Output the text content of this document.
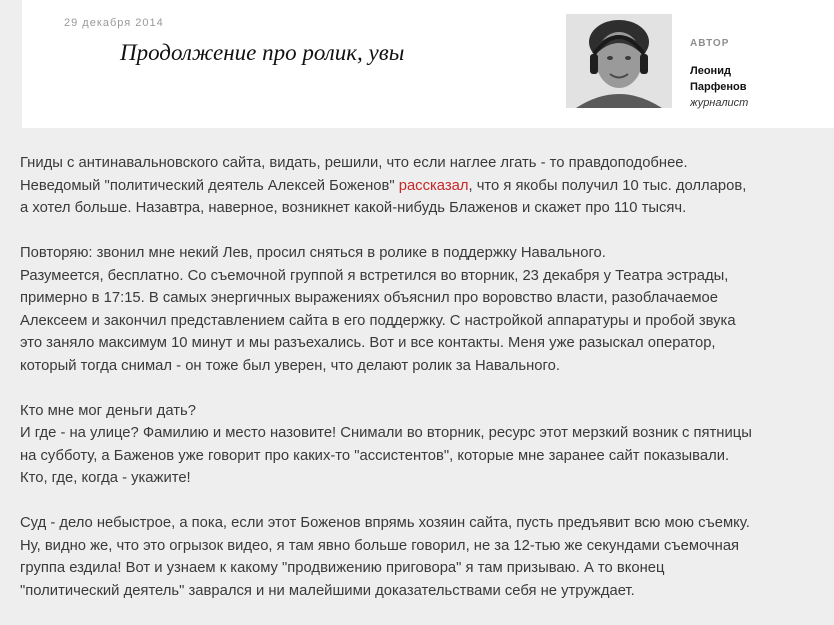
29 декабря 2014
Продолжение про ролик, увы	АВТОР
Леонид
Парфенов
журналист

Гниды с антинавальновского сайта, видать, решили, что если наглее лгать - то правдоподобнее.
Неведомый "политический деятель Алексей Боженов" рассказал, что я якобы получил 10 тыс. долларов,
а хотел больше. Назавтра, наверное, возникнет какой-нибудь Блаженов и скажет про 110 тысяч.

Повторяю: звонил мне некий Лев, просил сняться в ролике в поддержку Навального.
Разумеется, бесплатно. Со съемочной группой я встретился во вторник, 23 декабря у Театра эстрады,
примерно в 17:15. В самых энергичных выражениях объяснил про воровство власти, разоблачаемое
Алексеем и закончил представлением сайта в его поддержку. С настройкой аппаратуры и пробой звука
это заняло максимум 10 минут и мы разъехались. Вот и все контакты. Меня уже разыскал оператор,
который тогда снимал - он тоже был уверен, что делают ролик за Навального.

Кто мне мог деньги дать?
И где - на улице? Фамилию и место назовите! Снимали во вторник, ресурс этот мерзкий возник с пятницы
на субботу, а Баженов уже говорит про каких-то "ассистентов", которые мне заранее сайт показывали.
Кто, где, когда - укажите!

Суд - дело небыстрое, а пока, если этот Боженов впрямь хозяин сайта, пусть предъявит всю мою съемку.
Ну, видно же, что это огрызок видео, я там явно больше говорил, не за 12-тью же секундами съемочная
группа ездила! Вот и узнаем к какому "продвижению приговора" я там призываю. А то вконец
"политический деятель" заврался и ни малейшими доказательствами себя не утруждает.
